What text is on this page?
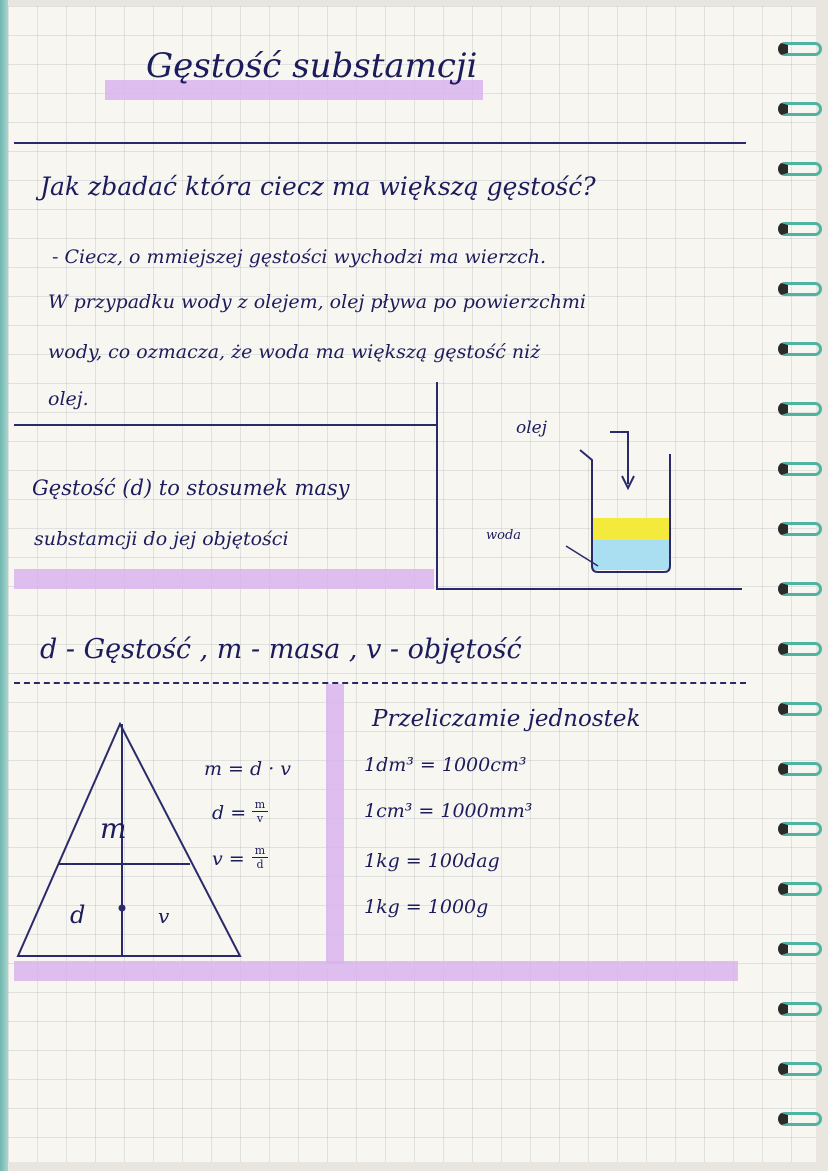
Gęstość substamcji
Jak zbadać która ciecz ma większą gęstość?
- Ciecz, o mmiejszej gęstości wychodzi ma wierzch.
W przypadku wody z olejem, olej pływa po powierzchmi
wody, co ozmacza, że woda ma większą gęstość niż
olej.
Gęstość (d) to stosumek masy
substamcji do jej objętości
olej
woda
d - Gęstość , m - masa , v - objętość
m
d	v
m = d · v
$d = \frac{m}{v}$
$v = \frac{m}{d}$
Przeliczamie jednostek
1dm³ = 1000cm³
1cm³ = 1000mm³
1kg = 100dag
1kg = 1000g
